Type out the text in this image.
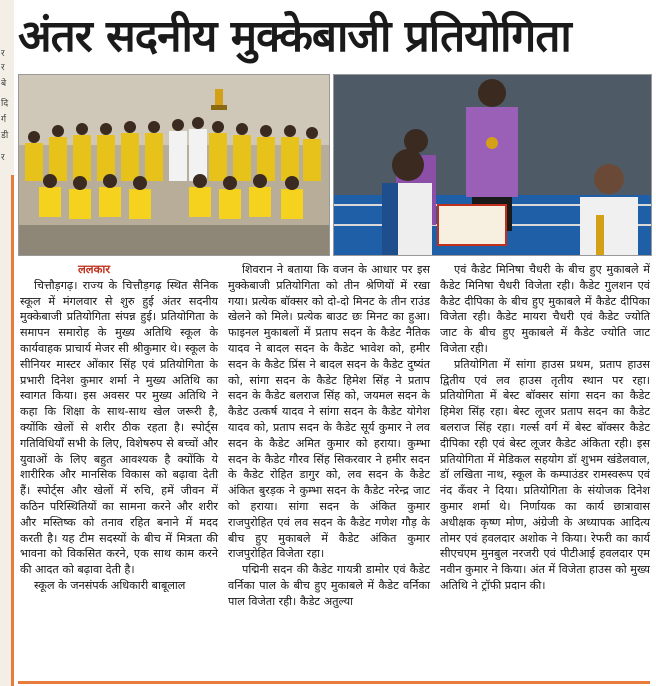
र
र
बे
दि
र्ग
डी
र
अंतर सदनीय मुक्केबाजी प्रतियोगिता

ललकार

चित्तौड़गढ़। राज्य के चित्तौड़गढ़ स्थित सैनिक स्कूल में मंगलवार से शुरु हुई अंतर सदनीय मुक्केबाजी प्रतियोगिता संपन्न हुई। प्रतियोगिता के समापन समारोह के मुख्य अतिथि स्कूल के कार्यवाहक प्राचार्य मेजर सी श्रीकुमार थे। स्कूल के सीनियर मास्टर ओंकार सिंह एवं प्रतियोगिता के प्रभारी दिनेश कुमार शर्मा ने मुख्य अतिथि का स्वागत किया। इस अवसर पर मुख्य अतिथि ने कहा कि शिक्षा के साथ-साथ खेल जरूरी है, क्योंकि खेलों से शरीर ठीक रहता है। स्पोर्ट्स गतिविधियाँ सभी के लिए, विशेषरुप से बच्चों और युवाओं के लिए बहुत आवश्यक है क्योंकि ये शारीरिक और मानसिक विकास को बढ़ावा देती हैं। स्पोर्ट्स और खेलों में रुचि, हमें जीवन में कठिन परिस्थितियों का सामना करने और शरीर और मस्तिष्क को तनाव रहित बनाने में मदद करती है। यह टीम सदस्यों के बीच में मित्रता की भावना को विकसित करने, एक साथ काम करने की आदत को बढ़ावा देती है।

स्कूल के जनसंपर्क अधिकारी बाबूलाल

शिवरान ने बताया कि वजन के आधार पर इस मुक्केबाजी प्रतियोगिता को तीन श्रेणियों में रखा गया। प्रत्येक बॉक्सर को दो-दो मिनट के तीन राउंड खेलने को मिले। प्रत्येक बाउट छः मिनट का हुआ। फाइनल मुकाबलों में प्रताप सदन के कैडेट नैतिक यादव ने बादल सदन के कैडेट भावेश को, हमीर सदन के कैडेट प्रिंस ने बादल सदन के कैडेट दुष्यंत को, सांगा सदन के कैडेट हिमेश सिंह ने प्रताप सदन के कैडेट बलराज सिंह को, जयमल सदन के कैडेट उत्कर्ष यादव ने सांगा सदन के कैडेट योगेश यादव को, प्रताप सदन के कैडेट सूर्य कुमार ने लव सदन के कैडेट अमित कुमार को हराया। कुम्भा सदन के कैडेट गौरव सिंह सिकरवार ने हमीर सदन के कैडेट रोहित डागुर को, लव सदन के कैडेट अंकित बुरड़क ने कुम्भा सदन के कैडेट नरेन्द्र जाट को हराया। सांगा सदन के अंकित कुमार राजपुरोहित एवं लव सदन के कैडेट गणेश गौड़ के बीच हुए मुकाबले में कैडेट अंकित कुमार राजपुरोहित विजेता रहा।

पद्मिनी सदन की कैडेट गायत्री डामोर एवं कैडेट वर्निका पाल के बीच हुए मुकाबले में कैडेट वर्निका पाल विजेता रही। कैडेट अतुल्या

एवं कैडेट मिनिषा चैधरी के बीच हुए मुकाबले में कैडेट मिनिषा चैधरी विजेता रही। कैडेट गुलशन एवं कैडेट दीपिका के बीच हुए मुकाबले में कैडेट दीपिका विजेता रही। कैडेट मायरा चैधरी एवं कैडेट ज्योति जाट के बीच हुए मुकाबले में कैडेट ज्योति जाट विजेता रही।

प्रतियोगिता में सांगा हाउस प्रथम, प्रताप हाउस द्वितीय एवं लव हाउस तृतीय स्थान पर रहा। प्रतियोगिता में बेस्ट बॉक्सर सांगा सदन का कैडेट हिमेश सिंह रहा। बेस्ट लूजर प्रताप सदन का कैडेट बलराज सिंह रहा। गर्ल्स वर्ग में बेस्ट बॉक्सर कैडेट दीपिका रही एवं बेस्ट लूजर कैडेट अंकिता रही। इस प्रतियोगिता में मेडिकल सहयोग डॉ शुभम खंडेलवाल, डॉ लखिता नाथ, स्कूल के कम्पाउंडर रामस्वरूप एवं नंद कँवर ने दिया। प्रतियोगिता के संयोजक दिनेश कुमार शर्मा थे। निर्णायक का कार्य छात्रावास अधीक्षक कृष्ण मोण, अंग्रेजी के अध्यापक आदित्य तोमर एवं हवलदार अशोक ने किया। रेफरी का कार्य सीएचएम मुनबुल नरजरी एवं पीटीआई हवलदार एम नवीन कुमार ने किया। अंत में विजेता हाउस को मुख्य अतिथि ने ट्रॉफी प्रदान की।
